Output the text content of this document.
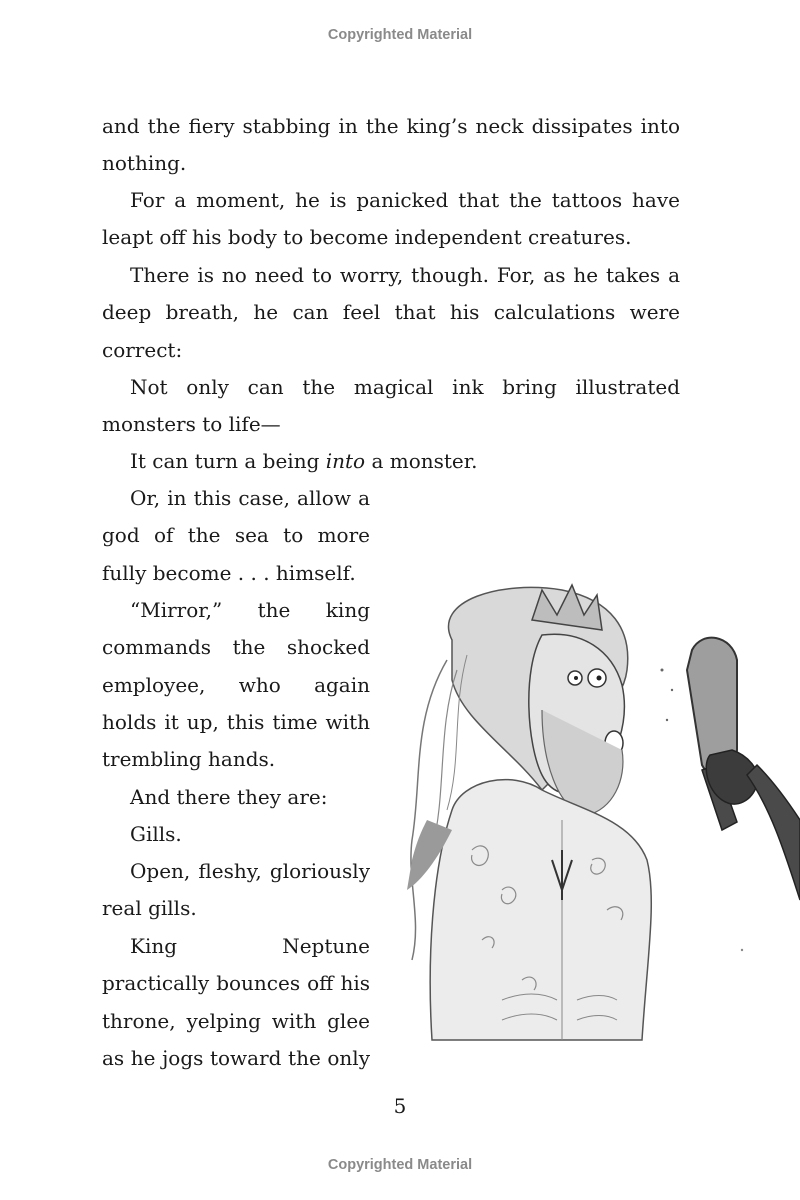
Copyrighted Material

and the fiery stabbing in the king’s neck dissipates into nothing.

For a moment, he is panicked that the tattoos have leapt off his body to become independent creatures.

There is no need to worry, though. For, as he takes a deep breath, he can feel that his calculations were correct:

Not only can the magical ink bring illustrated monsters to life—

It can turn a being into a monster.

Or, in this case, allow a god of the sea to more fully become . . . himself.

“Mirror,” the king commands the shocked employee, who again holds it up, this time with trembling hands.

And there they are:

Gills.

Open, fleshy, gloriously real gills.

King Neptune practically bounces off his throne, yelping with glee as he jogs toward the only

5
Copyrighted Material
